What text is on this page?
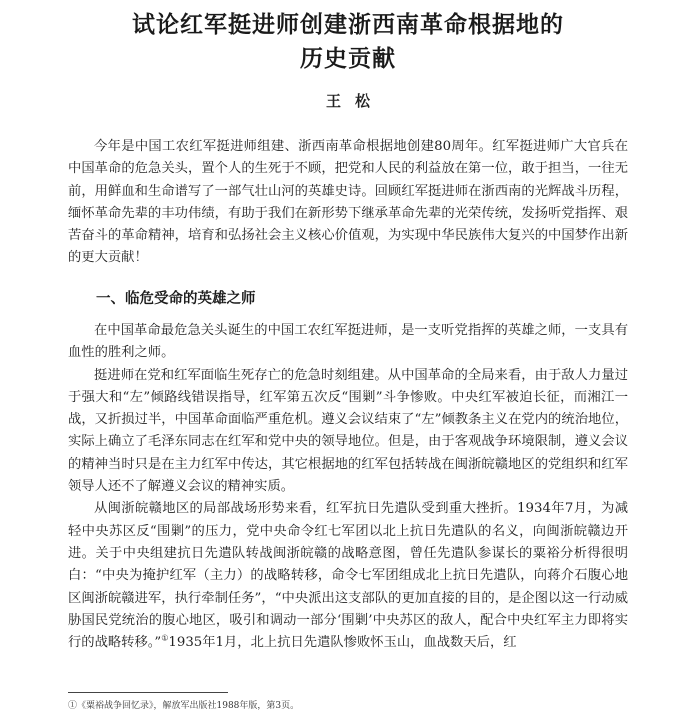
试论红军挺进师创建浙西南革命根据地的
历史贡献
王松

今年是中国工农红军挺进师组建、浙西南革命根据地创建80周年。红军挺进师广大官兵在中国革命的危急关头，置个人的生死于不顾，把党和人民的利益放在第一位，敢于担当，一往无前，用鲜血和生命谱写了一部气壮山河的英雄史诗。回顾红军挺进师在浙西南的光辉战斗历程，缅怀革命先辈的丰功伟绩，有助于我们在新形势下继承革命先辈的光荣传统，发扬听党指挥、艰苦奋斗的革命精神，培育和弘扬社会主义核心价值观，为实现中华民族伟大复兴的中国梦作出新的更大贡献！

一、临危受命的英雄之师

在中国革命最危急关头诞生的中国工农红军挺进师，是一支听党指挥的英雄之师，一支具有血性的胜利之师。

挺进师在党和红军面临生死存亡的危急时刻组建。从中国革命的全局来看，由于敌人力量过于强大和“左”倾路线错误指导，红军第五次反“围剿”斗争惨败。中央红军被迫长征，而湘江一战，又折损过半，中国革命面临严重危机。遵义会议结束了“左”倾教条主义在党内的统治地位，实际上确立了毛泽东同志在红军和党中央的领导地位。但是，由于客观战争环境限制，遵义会议的精神当时只是在主力红军中传达，其它根据地的红军包括转战在闽浙皖赣地区的党组织和红军领导人还不了解遵义会议的精神实质。

从闽浙皖赣地区的局部战场形势来看，红军抗日先遣队受到重大挫折。1934年7月，为减轻中央苏区反“围剿”的压力，党中央命令红七军团以北上抗日先遣队的名义，向闽浙皖赣边开进。关于中央组建抗日先遣队转战闽浙皖赣的战略意图，曾任先遣队参谋长的粟裕分析得很明白：“中央为掩护红军（主力）的战略转移，命令七军团组成北上抗日先遣队，向蒋介石腹心地区闽浙皖赣进军，执行牵制任务”，“中央派出这支部队的更加直接的目的，是企图以这一行动威胁国民党统治的腹心地区，吸引和调动一部分‘围剿’中央苏区的敌人，配合中央红军主力即将实行的战略转移。”①1935年1月，北上抗日先遣队惨败怀玉山，血战数天后，红

①《粟裕战争回忆录》，解放军出版社1988年版，第3页。
